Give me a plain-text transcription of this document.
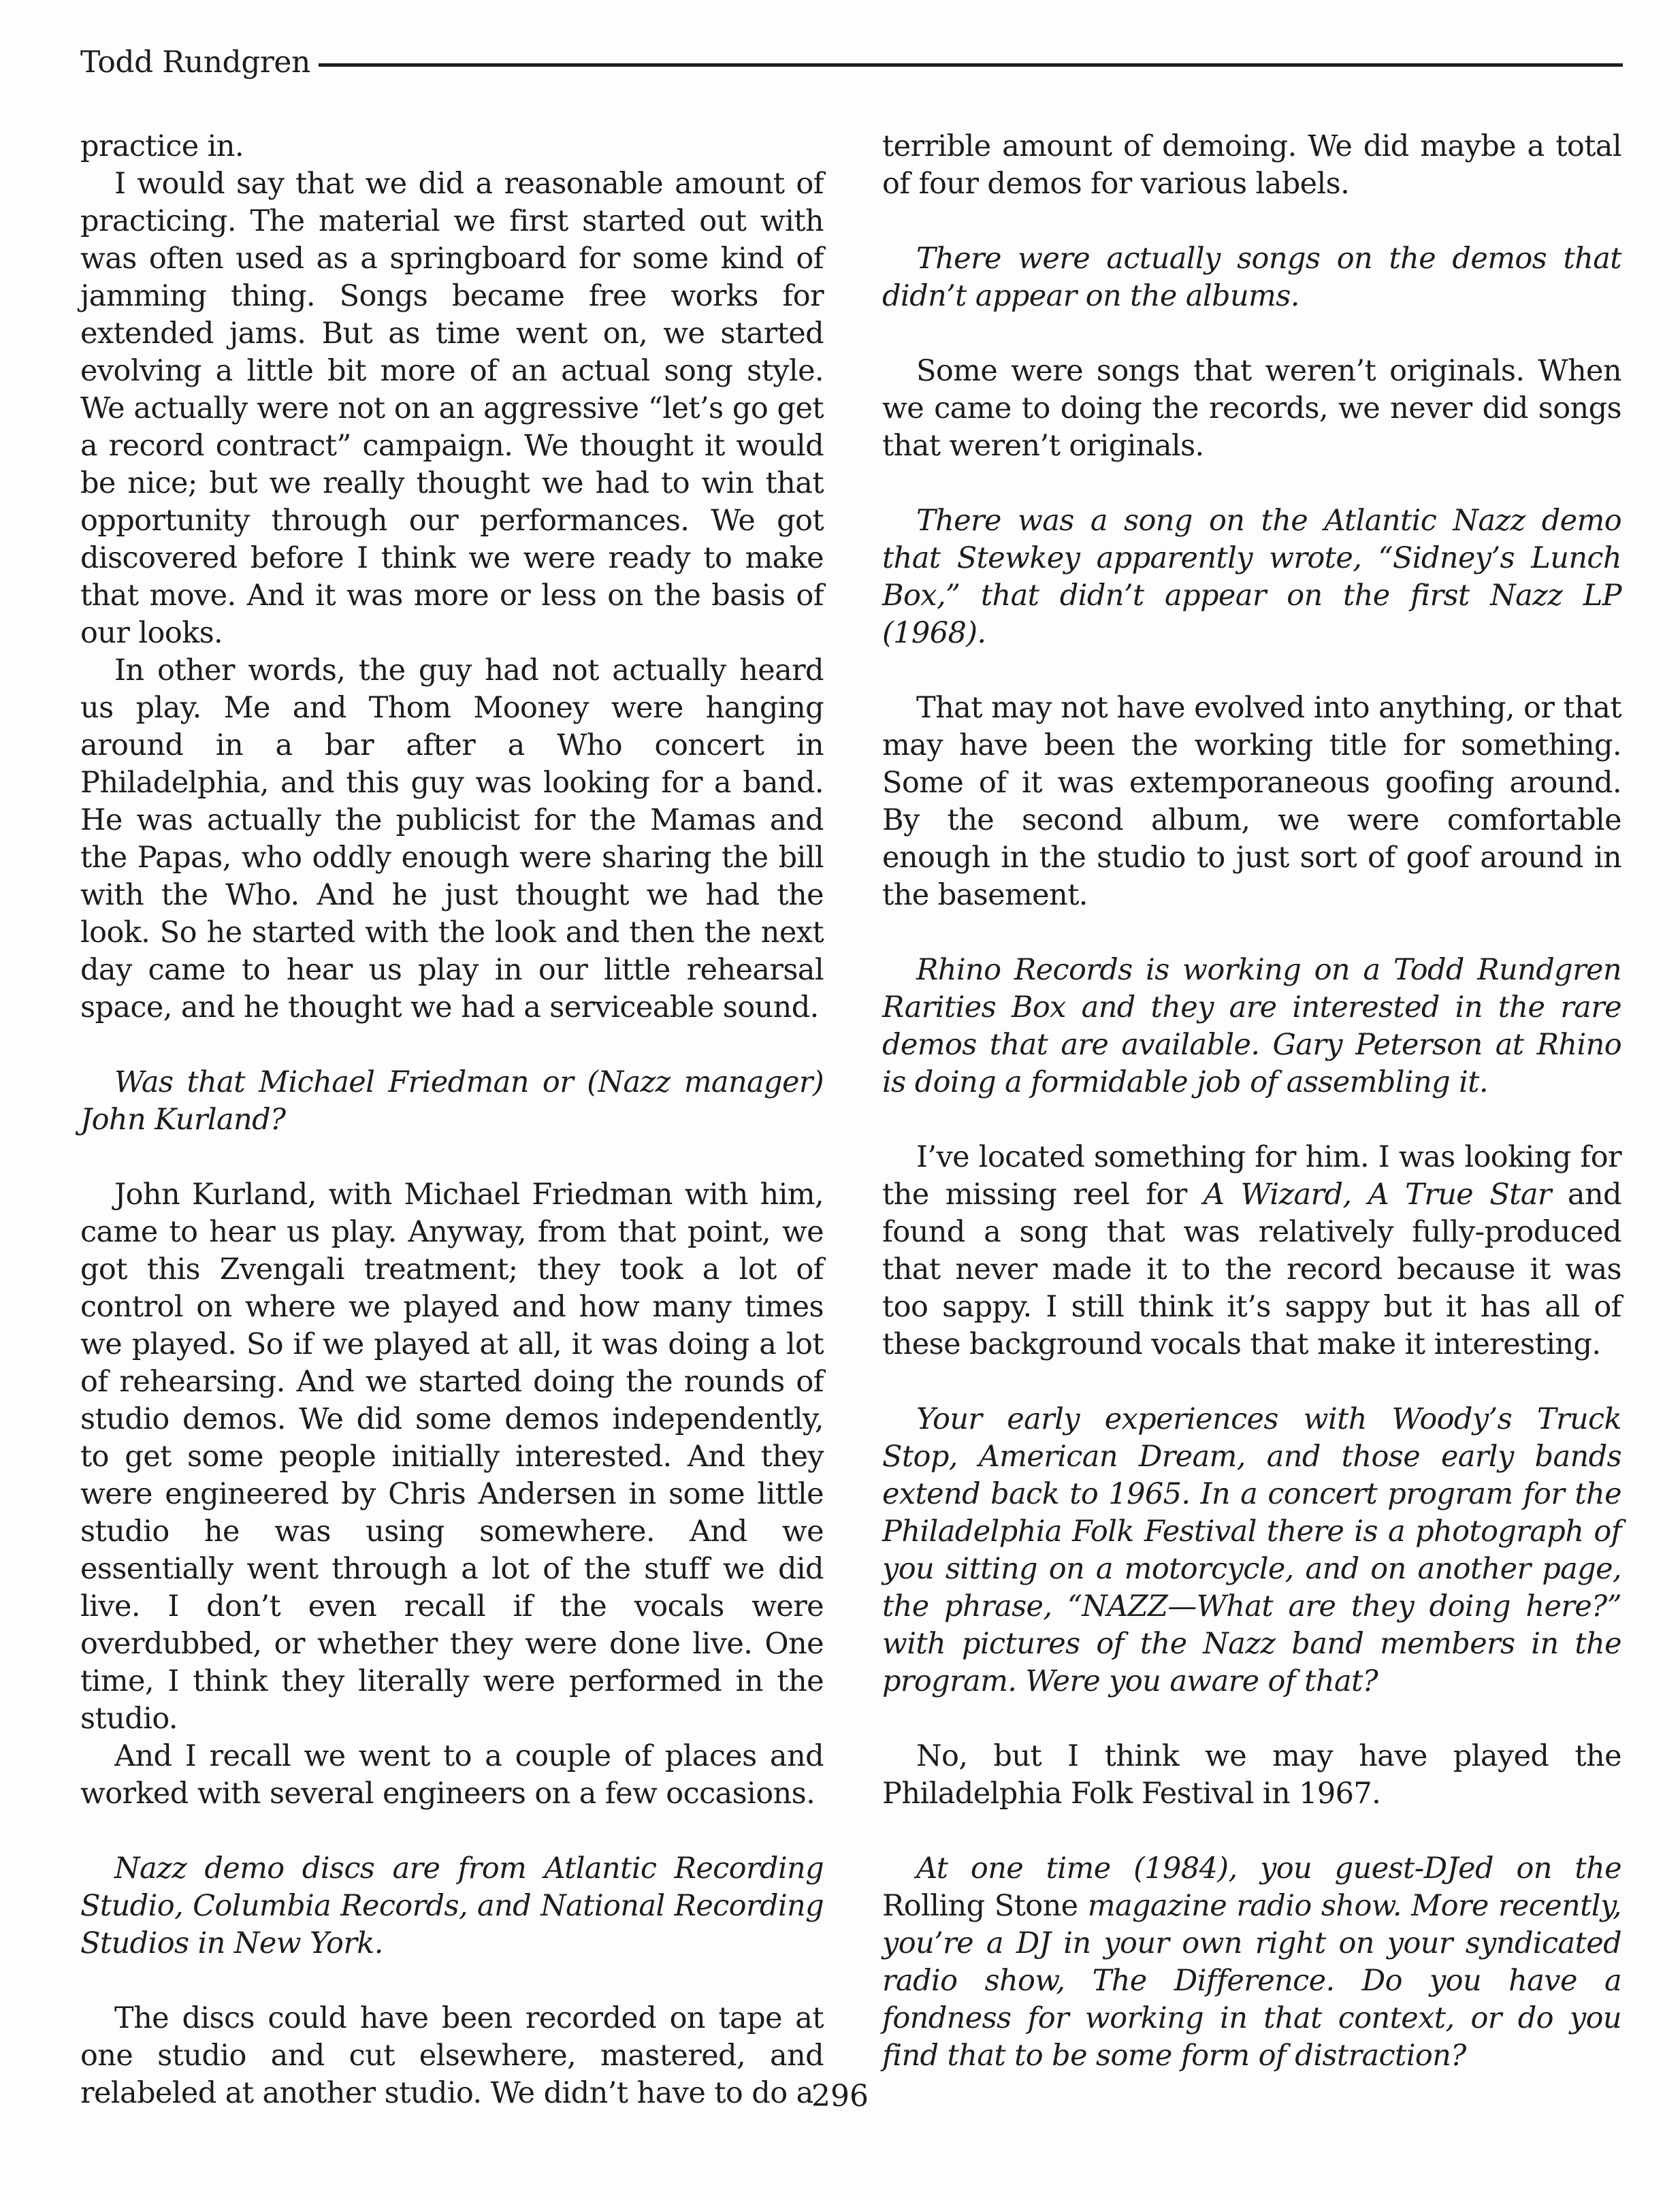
Todd Rundgren

practice in.

I would say that we did a reasonable amount of practicing. The material we first started out with was often used as a springboard for some kind of jamming thing. Songs became free works for extended jams. But as time went on, we started evolving a little bit more of an actual song style. We actually were not on an aggressive “let’s go get a record contract” campaign. We thought it would be nice; but we really thought we had to win that opportunity through our performances. We got discovered before I think we were ready to make that move. And it was more or less on the basis of our looks.

In other words, the guy had not actually heard us play. Me and Thom Mooney were hanging around in a bar after a Who concert in Philadelphia, and this guy was looking for a band. He was actually the publicist for the Mamas and the Papas, who oddly enough were sharing the bill with the Who. And he just thought we had the look. So he started with the look and then the next day came to hear us play in our little rehearsal space, and he thought we had a serviceable sound.

Was that Michael Friedman or (Nazz manager) John Kurland?

John Kurland, with Michael Friedman with him, came to hear us play. Anyway, from that point, we got this Zvengali treatment; they took a lot of control on where we played and how many times we played. So if we played at all, it was doing a lot of rehearsing. And we started doing the rounds of studio demos. We did some demos independently, to get some people initially interested. And they were engineered by Chris Andersen in some little studio he was using somewhere. And we essentially went through a lot of the stuff we did live. I don’t even recall if the vocals were overdubbed, or whether they were done live. One time, I think they literally were performed in the studio.

And I recall we went to a couple of places and worked with several engineers on a few occasions.

Nazz demo discs are from Atlantic Recording Studio, Columbia Records, and National Recording Studios in New York.

The discs could have been recorded on tape at one studio and cut elsewhere, mastered, and relabeled at another studio. We didn’t have to do a

terrible amount of demoing. We did maybe a total of four demos for various labels.

There were actually songs on the demos that didn’t appear on the albums.

Some were songs that weren’t originals. When we came to doing the records, we never did songs that weren’t originals.

There was a song on the Atlantic Nazz demo that Stewkey apparently wrote, “Sidney’s Lunch Box,” that didn’t appear on the first Nazz LP (1968).

That may not have evolved into anything, or that may have been the working title for something. Some of it was extemporaneous goofing around. By the second album, we were comfortable enough in the studio to just sort of goof around in the basement.

Rhino Records is working on a Todd Rundgren Rarities Box and they are interested in the rare demos that are available. Gary Peterson at Rhino is doing a formidable job of assembling it.

I’ve located something for him. I was looking for the missing reel for A Wizard, A True Star and found a song that was relatively fully-produced that never made it to the record because it was too sappy. I still think it’s sappy but it has all of these background vocals that make it interesting.

Your early experiences with Woody’s Truck Stop, American Dream, and those early bands extend back to 1965. In a concert program for the Philadelphia Folk Festival there is a photograph of you sitting on a motorcycle, and on another page, the phrase, “NAZZ—What are they doing here?” with pictures of the Nazz band members in the program. Were you aware of that?

No, but I think we may have played the Philadelphia Folk Festival in 1967.

At one time (1984), you guest-DJed on the Rolling Stone magazine radio show. More recently, you’re a DJ in your own right on your syndicated radio show, The Difference. Do you have a fondness for working in that context, or do you find that to be some form of distraction?

296
